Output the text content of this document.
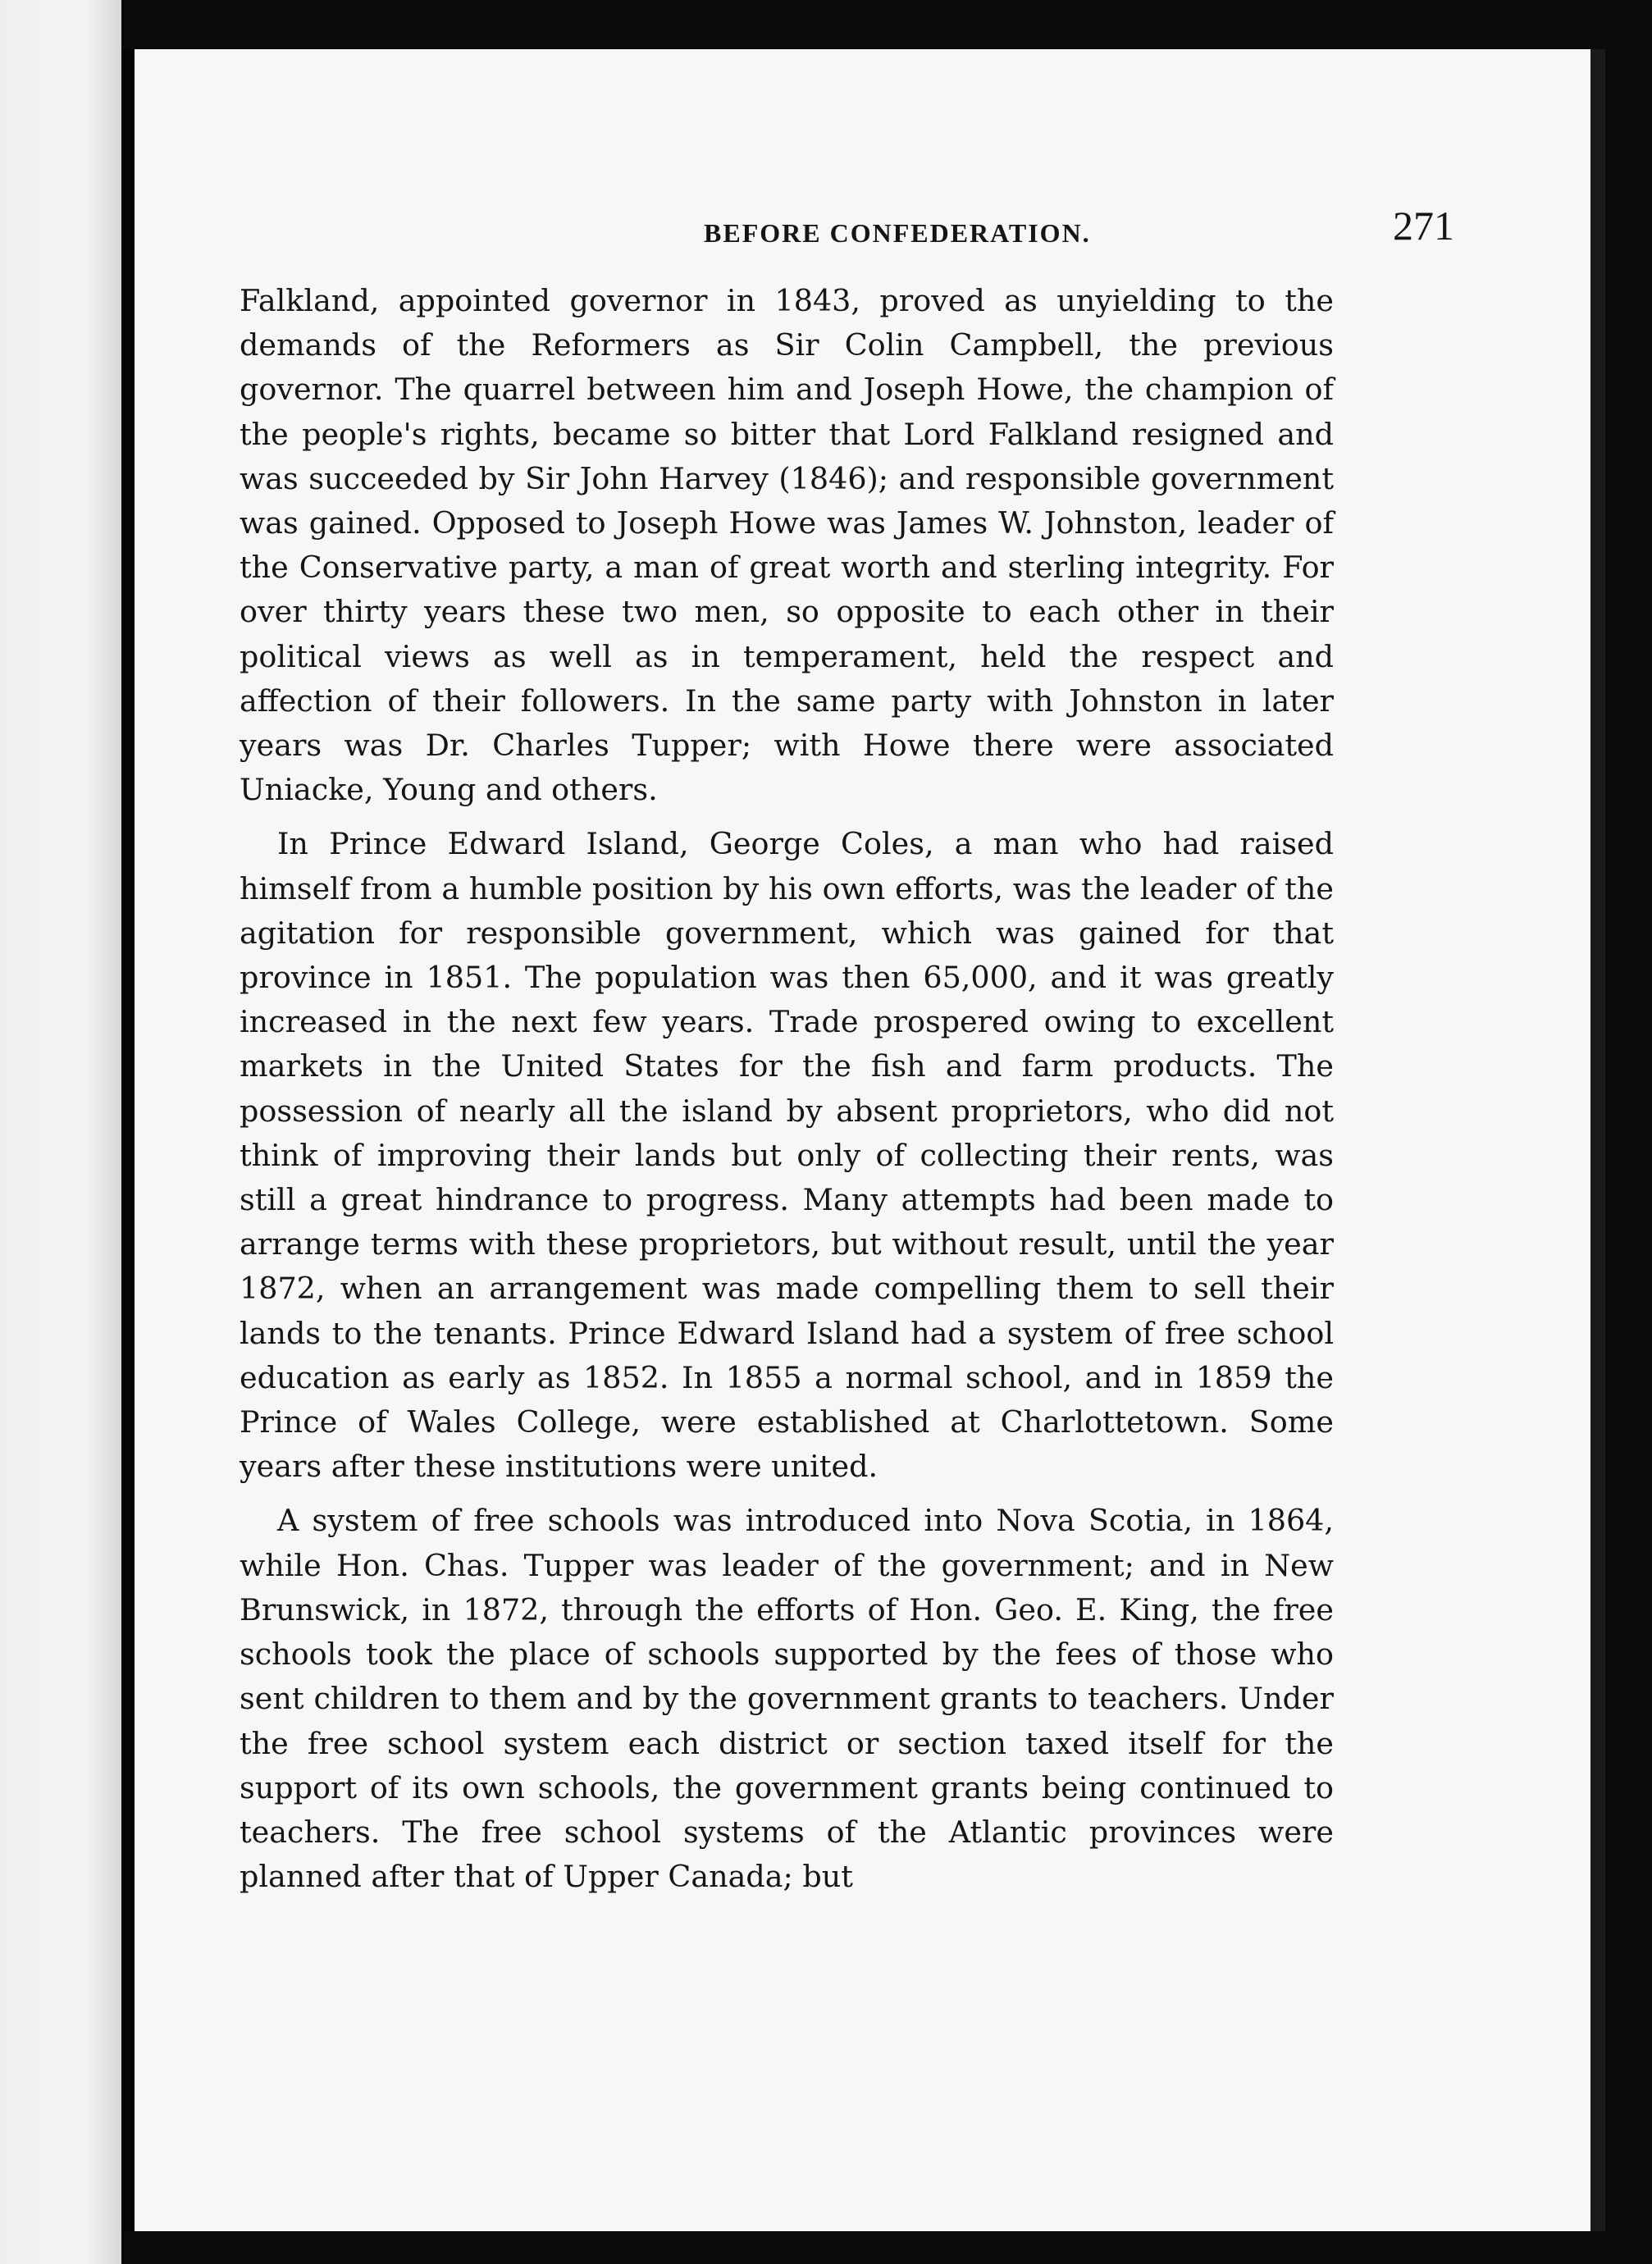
BEFORE CONFEDERATION.	271

Falkland, appointed governor in 1843, proved as unyielding to the demands of the Reformers as Sir Colin Campbell, the previous governor. The quarrel between him and Joseph Howe, the champion of the people's rights, became so bitter that Lord Falkland resigned and was succeeded by Sir John Harvey (1846); and responsible government was gained. Opposed to Joseph Howe was James W. Johnston, leader of the Conservative party, a man of great worth and sterling integrity. For over thirty years these two men, so opposite to each other in their political views as well as in temperament, held the respect and affection of their followers. In the same party with Johnston in later years was Dr. Charles Tupper; with Howe there were associated Uniacke, Young and others.

In Prince Edward Island, George Coles, a man who had raised himself from a humble position by his own efforts, was the leader of the agitation for responsible government, which was gained for that province in 1851. The population was then 65,000, and it was greatly increased in the next few years. Trade prospered owing to excellent markets in the United States for the fish and farm products. The possession of nearly all the island by absent proprietors, who did not think of improving their lands but only of collecting their rents, was still a great hindrance to progress. Many attempts had been made to arrange terms with these proprietors, but without result, until the year 1872, when an arrangement was made compelling them to sell their lands to the tenants. Prince Edward Island had a system of free school education as early as 1852. In 1855 a normal school, and in 1859 the Prince of Wales College, were established at Charlottetown. Some years after these institutions were united.

A system of free schools was introduced into Nova Scotia, in 1864, while Hon. Chas. Tupper was leader of the government; and in New Brunswick, in 1872, through the efforts of Hon. Geo. E. King, the free schools took the place of schools supported by the fees of those who sent children to them and by the government grants to teachers. Under the free school system each district or section taxed itself for the support of its own schools, the government grants being continued to teachers. The free school systems of the Atlantic provinces were planned after that of Upper Canada; but
